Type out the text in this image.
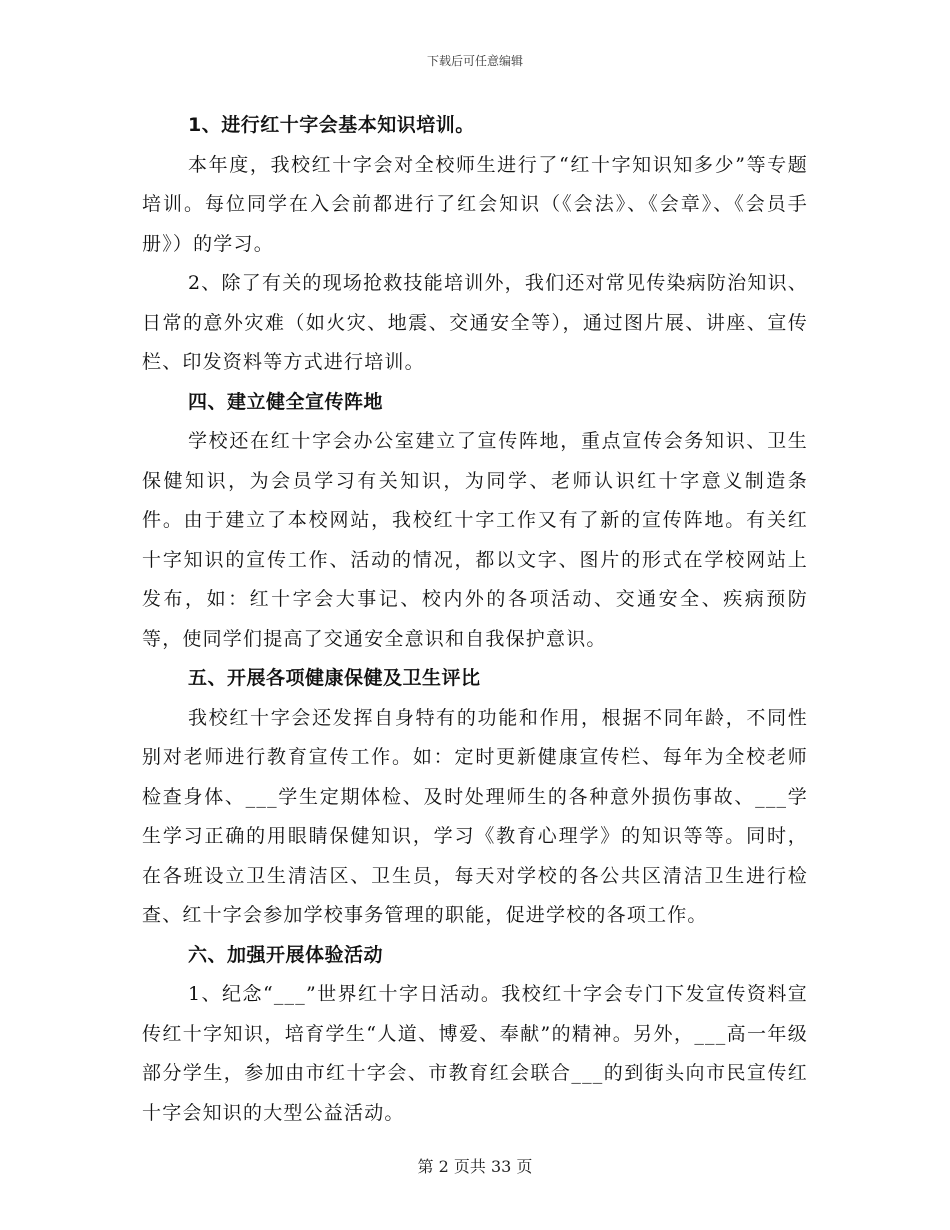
下载后可任意编辑
1、进行红十字会基本知识培训。
本年度，我校红十字会对全校师生进行了“红十字知识知多少”等专题培训。每位同学在入会前都进行了红会知识（《会法》、《会章》、《会员手册》）的学习。
2、除了有关的现场抢救技能培训外，我们还对常见传染病防治知识、日常的意外灾难（如火灾、地震、交通安全等），通过图片展、讲座、宣传栏、印发资料等方式进行培训。
四、建立健全宣传阵地
学校还在红十字会办公室建立了宣传阵地，重点宣传会务知识、卫生保健知识，为会员学习有关知识，为同学、老师认识红十字意义制造条件。由于建立了本校网站，我校红十字工作又有了新的宣传阵地。有关红十字知识的宣传工作、活动的情况，都以文字、图片的形式在学校网站上发布，如：红十字会大事记、校内外的各项活动、交通安全、疾病预防等，使同学们提高了交通安全意识和自我保护意识。
五、开展各项健康保健及卫生评比
我校红十字会还发挥自身特有的功能和作用，根据不同年龄，不同性别对老师进行教育宣传工作。如：定时更新健康宣传栏、每年为全校老师检查身体、___学生定期体检、及时处理师生的各种意外损伤事故、___学生学习正确的用眼睛保健知识，学习《教育心理学》的知识等等。同时，在各班设立卫生清洁区、卫生员，每天对学校的各公共区清洁卫生进行检查、红十字会参加学校事务管理的职能，促进学校的各项工作。
六、加强开展体验活动
1、纪念“___”世界红十字日活动。我校红十字会专门下发宣传资料宣传红十字知识，培育学生“人道、博爱、奉献”的精神。另外，___高一年级部分学生，参加由市红十字会、市教育红会联合___的到街头向市民宣传红十字会知识的大型公益活动。
第 2 页共 33 页
